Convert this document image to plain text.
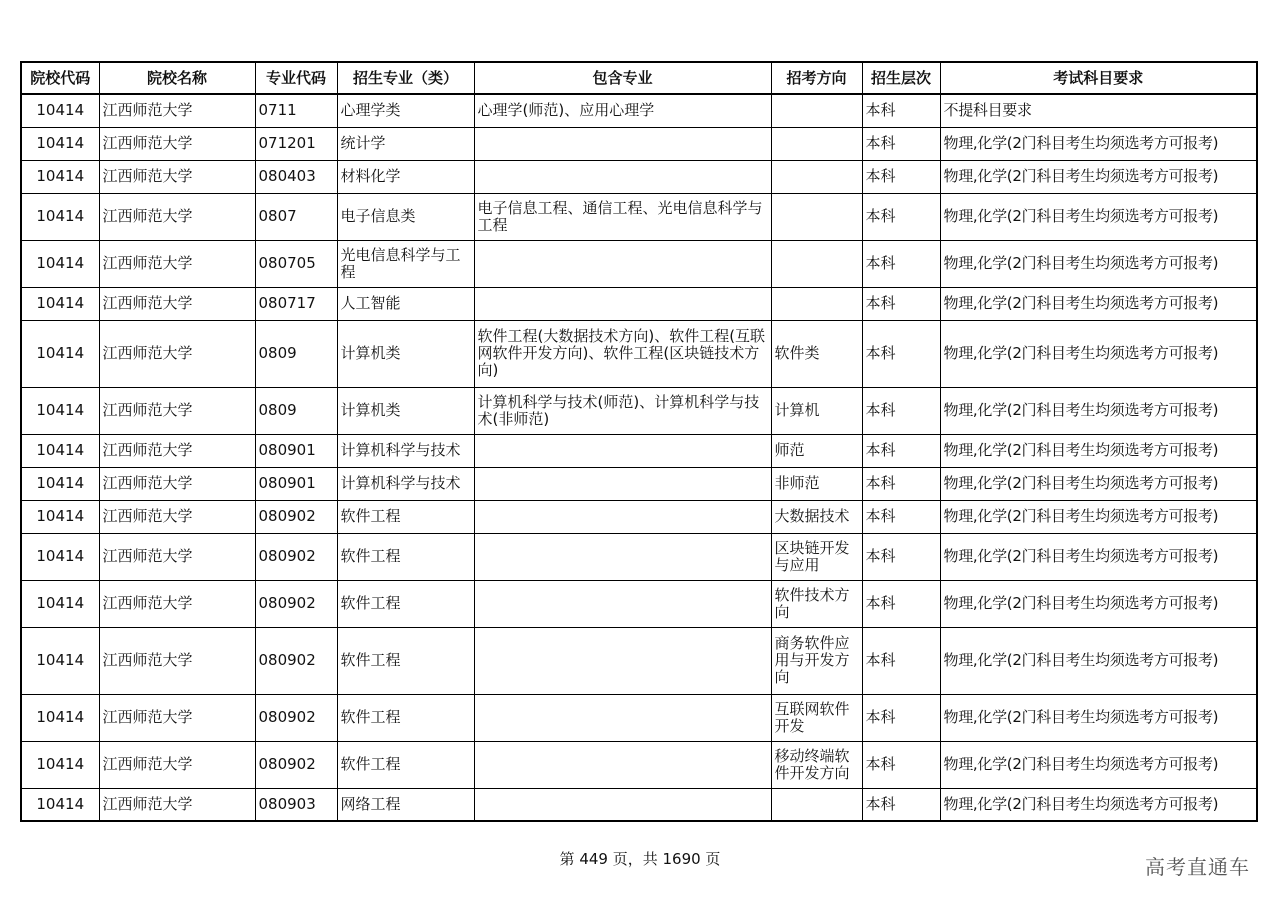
院校代码	院校名称	专业代码	招生专业（类）	包含专业	招考方向	招生层次	考试科目要求
10414	江西师范大学	0711	心理学类	心理学(师范)、应用心理学		本科	不提科目要求
10414	江西师范大学	071201	统计学			本科	物理,化学(2门科目考生均须选考方可报考)
10414	江西师范大学	080403	材料化学			本科	物理,化学(2门科目考生均须选考方可报考)
10414	江西师范大学	0807	电子信息类	电子信息工程、通信工程、光电信息科学与工程		本科	物理,化学(2门科目考生均须选考方可报考)
10414	江西师范大学	080705	光电信息科学与工程			本科	物理,化学(2门科目考生均须选考方可报考)
10414	江西师范大学	080717	人工智能			本科	物理,化学(2门科目考生均须选考方可报考)
10414	江西师范大学	0809	计算机类	软件工程(大数据技术方向)、软件工程(互联网软件开发方向)、软件工程(区块链技术方向)	软件类	本科	物理,化学(2门科目考生均须选考方可报考)
10414	江西师范大学	0809	计算机类	计算机科学与技术(师范)、计算机科学与技术(非师范)	计算机	本科	物理,化学(2门科目考生均须选考方可报考)
10414	江西师范大学	080901	计算机科学与技术		师范	本科	物理,化学(2门科目考生均须选考方可报考)
10414	江西师范大学	080901	计算机科学与技术		非师范	本科	物理,化学(2门科目考生均须选考方可报考)
10414	江西师范大学	080902	软件工程		大数据技术	本科	物理,化学(2门科目考生均须选考方可报考)
10414	江西师范大学	080902	软件工程		区块链开发与应用	本科	物理,化学(2门科目考生均须选考方可报考)
10414	江西师范大学	080902	软件工程		软件技术方向	本科	物理,化学(2门科目考生均须选考方可报考)
10414	江西师范大学	080902	软件工程		商务软件应用与开发方向	本科	物理,化学(2门科目考生均须选考方可报考)
10414	江西师范大学	080902	软件工程		互联网软件开发	本科	物理,化学(2门科目考生均须选考方可报考)
10414	江西师范大学	080902	软件工程		移动终端软件开发方向	本科	物理,化学(2门科目考生均须选考方可报考)
10414	江西师范大学	080903	网络工程			本科	物理,化学(2门科目考生均须选考方可报考)
第 449 页，共 1690 页	高考直通车
